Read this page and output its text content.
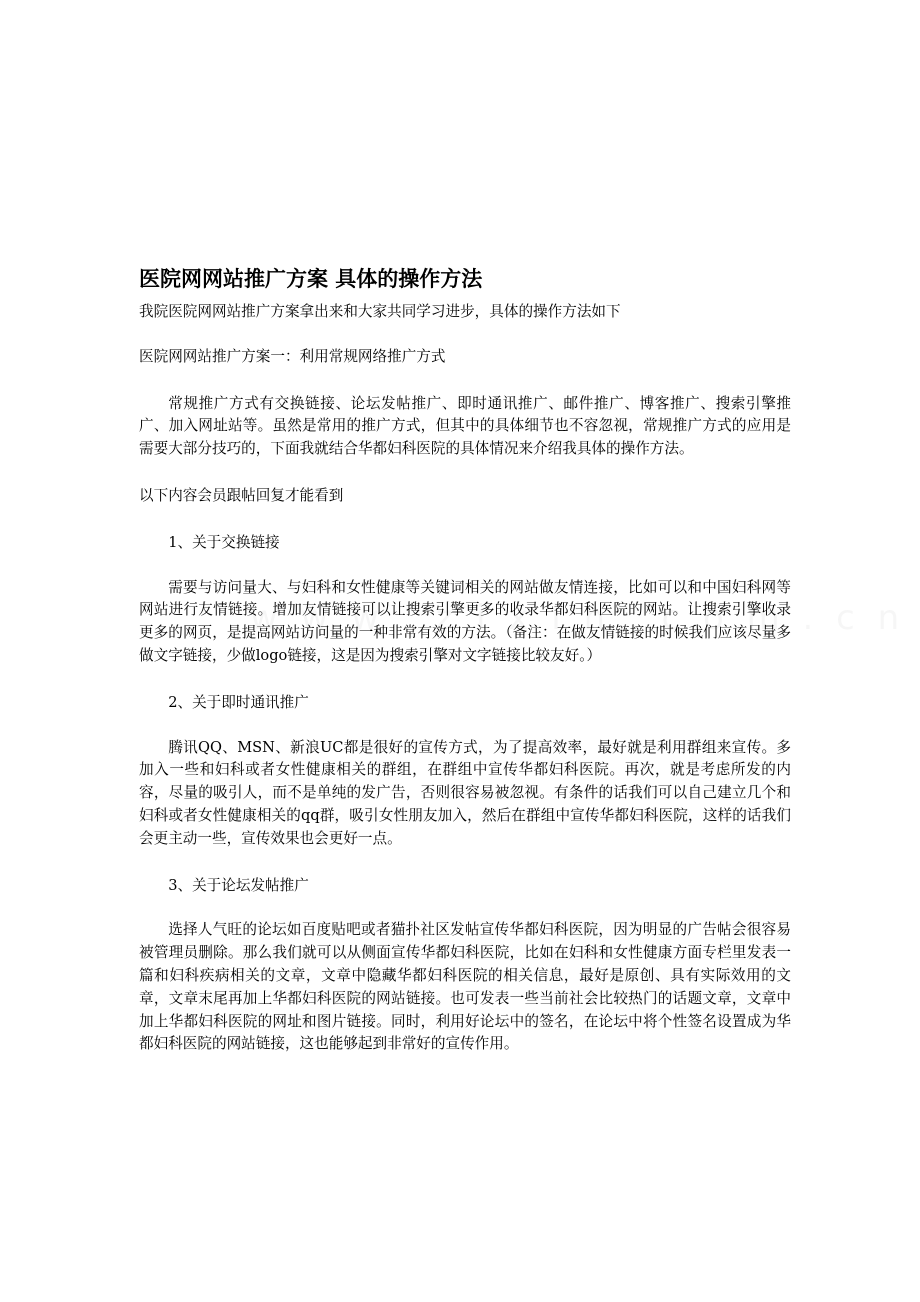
医院网网站推广方案 具体的操作方法

我院医院网网站推广方案拿出来和大家共同学习进步，具体的操作方法如下

医院网网站推广方案一：利用常规网络推广方式

常规推广方式有交换链接、论坛发帖推广、即时通讯推广、邮件推广、博客推广、搜索引擎推广、加入网址站等。虽然是常用的推广方式，但其中的具体细节也不容忽视，常规推广方式的应用是需要大部分技巧的，下面我就结合华都妇科医院的具体情况来介绍我具体的操作方法。

以下内容会员跟帖回复才能看到

1、关于交换链接

需要与访问量大、与妇科和女性健康等关键词相关的网站做友情连接，比如可以和中国妇科网等网站进行友情链接。增加友情链接可以让搜索引擎更多的收录华都妇科医院的网站。让搜索引擎收录更多的网页，是提高网站访问量的一种非常有效的方法。（备注：在做友情链接的时候我们应该尽量多做文字链接，少做logo链接，这是因为搜索引擎对文字链接比较友好。）

2、关于即时通讯推广

腾讯QQ、MSN、新浪UC都是很好的宣传方式，为了提高效率，最好就是利用群组来宣传。多加入一些和妇科或者女性健康相关的群组，在群组中宣传华都妇科医院。再次，就是考虑所发的内容，尽量的吸引人，而不是单纯的发广告，否则很容易被忽视。有条件的话我们可以自己建立几个和妇科或者女性健康相关的qq群，吸引女性朋友加入，然后在群组中宣传华都妇科医院，这样的话我们会更主动一些，宣传效果也会更好一点。

3、关于论坛发帖推广

选择人气旺的论坛如百度贴吧或者猫扑社区发帖宣传华都妇科医院，因为明显的广告帖会很容易被管理员删除。那么我们就可以从侧面宣传华都妇科医院，比如在妇科和女性健康方面专栏里发表一篇和妇科疾病相关的文章，文章中隐藏华都妇科医院的相关信息，最好是原创、具有实际效用的文章，文章末尾再加上华都妇科医院的网站链接。也可发表一些当前社会比较热门的话题文章，文章中加上华都妇科医院的网址和图片链接。同时，利用好论坛中的签名，在论坛中将个性签名设置成为华都妇科医院的网站链接，这也能够起到非常好的宣传作用。
